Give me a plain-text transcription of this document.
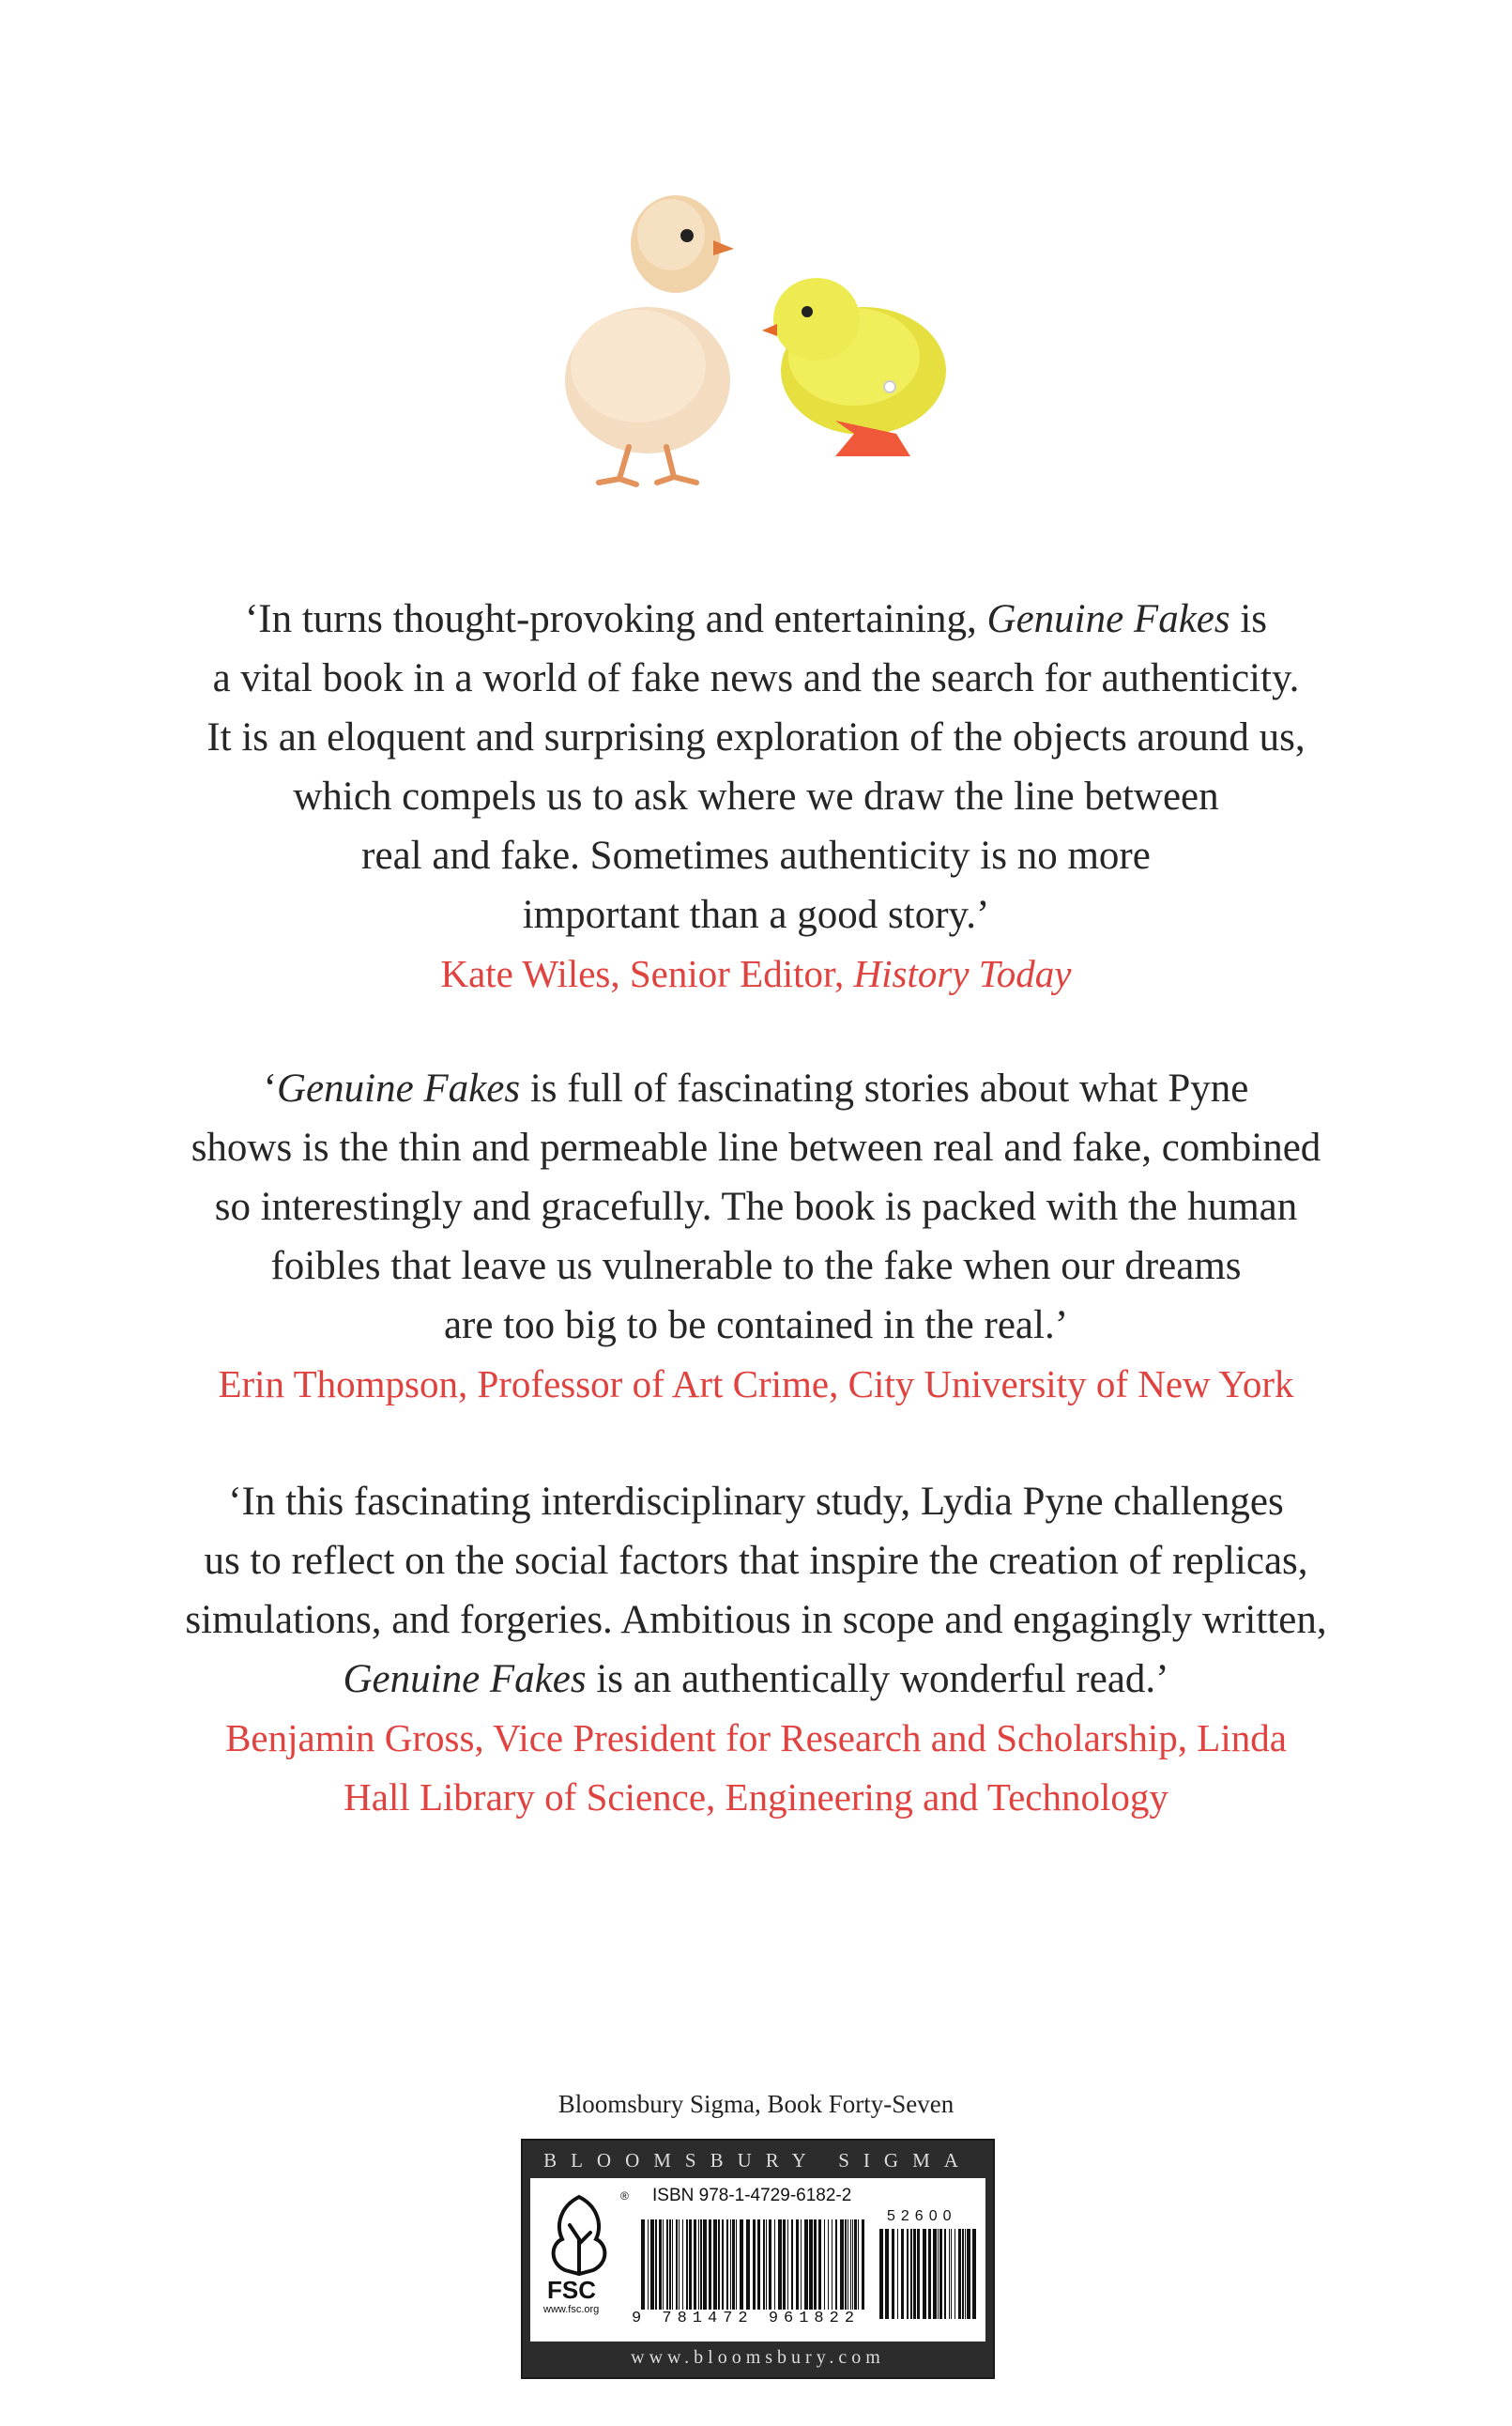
‘In turns thought-provoking and entertaining, Genuine Fakes is
a vital book in a world of fake news and the search for authenticity.
It is an eloquent and surprising exploration of the objects around us,
which compels us to ask where we draw the line between
real and fake. Sometimes authenticity is no more
important than a good story.’

Kate Wiles, Senior Editor, History Today

‘Genuine Fakes is full of fascinating stories about what Pyne
shows is the thin and permeable line between real and fake, combined
so interestingly and gracefully. The book is packed with the human
foibles that leave us vulnerable to the fake when our dreams
are too big to be contained in the real.’

Erin Thompson, Professor of Art Crime, City University of New York

‘In this fascinating interdisciplinary study, Lydia Pyne challenges
us to reflect on the social factors that inspire the creation of replicas,
simulations, and forgeries. Ambitious in scope and engagingly written,
Genuine Fakes is an authentically wonderful read.’

Benjamin Gross, Vice President for Research and Scholarship, Linda
Hall Library of Science, Engineering and Technology

Bloomsbury Sigma, Book Forty-Seven
BLOOMSBURY SIGMA
®
FSC
www.fsc.org
ISBN 978-1-4729-6182-2
52600
9 781472 961822
www.bloomsbury.com
